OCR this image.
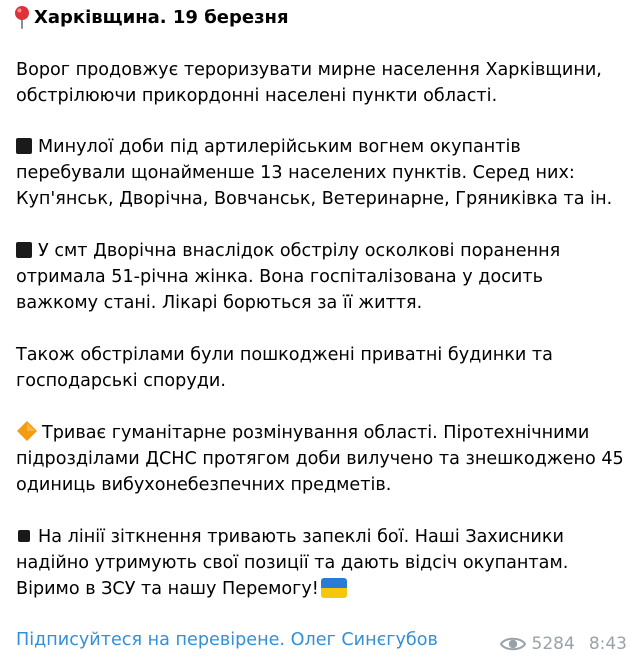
Харківщина. 19 березня
Ворог продовжує тероризувати мирне населення Харківщини,
обстрілюючи прикордонні населені пункти області.
Минулої доби під артилерійським вогнем окупантів
перебували щонайменше 13 населених пунктів. Серед них:
Куп'янськ, Дворічна, Вовчанськ, Ветеринарне, Гряниківка та ін.
У смт Дворічна внаслідок обстрілу осколкові поранення
отримала 51-річна жінка. Вона госпіталізована у досить
важкому стані. Лікарі борються за її життя.
Також обстрілами були пошкоджені приватні будинки та
господарські споруди.
Триває гуманітарне розмінування області. Піротехнічними
підрозділами ДСНС протягом доби вилучено та знешкоджено 45
одиниць вибухонебезпечних предметів.
На лінії зіткнення тривають запеклі бої. Наші Захисники
надійно утримують свої позиції та дають відсіч окупантам.
Віримо в ЗСУ та нашу Перемогу!
Підписуйтеся на перевірене. Олег Синєгубов	5284 8:43
